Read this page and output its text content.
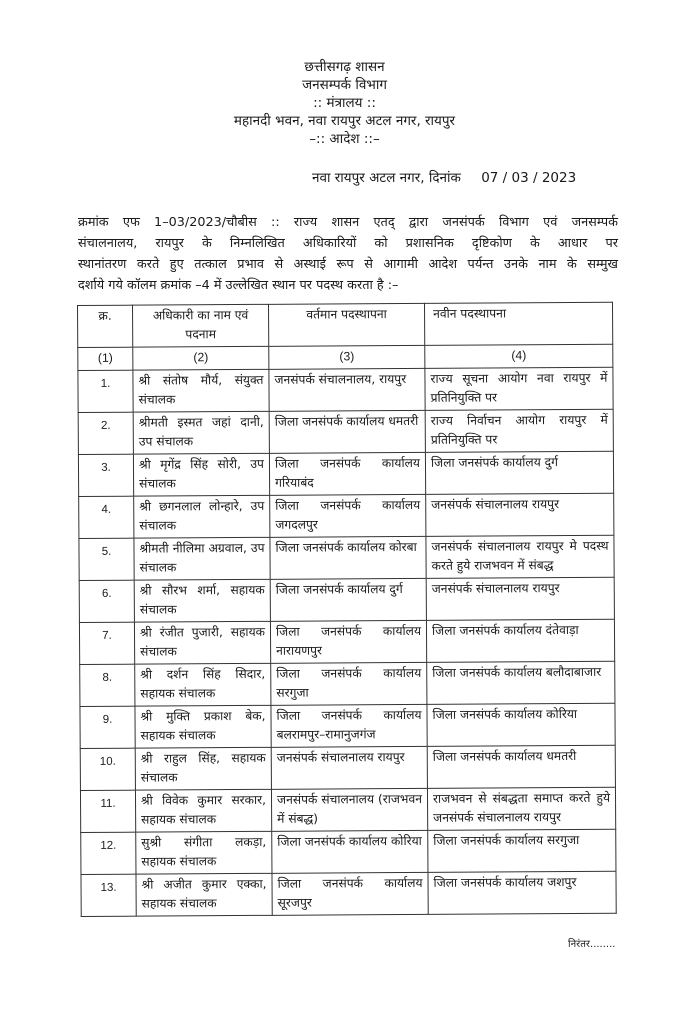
छत्तीसगढ़ शासन
जनसम्पर्क विभाग
:: मंत्रालय ::
महानदी भवन, नवा रायपुर अटल नगर, रायपुर
–:: आदेश ::–
नवा रायपुर अटल नगर, दिनांक 07 / 03 / 2023
क्रमांक एफ 1–03/2023/चौबीस :: राज्य शासन एतद् द्वारा जनसंपर्क विभाग एवं जनसम्पर्क
संचालनालय, रायपुर के निम्नलिखित अधिकारियों को प्रशासनिक दृष्टिकोण के आधार पर
स्थानांतरण करते हुए तत्काल प्रभाव से अस्थाई रूप से आगामी आदेश पर्यन्त उनके नाम के सम्मुख
दर्शाये गये कॉलम क्रमांक –4 में उल्लेखित स्थान पर पदस्थ करता है :–
क्र.	अधिकारी का नाम एवं पदनाम	वर्तमान पदस्थापना	नवीन पदस्थापना
(1)	(2)	(3)	(4)
1.	श्री संतोष मौर्य, संयुक्त संचालक	जनसंपर्क संचालनालय, रायपुर	राज्य सूचना आयोग नवा रायपुर में प्रतिनियुक्ति पर
2.	श्रीमती इस्मत जहां दानी, उप संचालक	जिला जनसंपर्क कार्यालय धमतरी	राज्य निर्वाचन आयोग रायपुर में प्रतिनियुक्ति पर
3.	श्री मृगेंद्र सिंह सोरी, उप संचालक	जिला जनसंपर्क कार्यालय गरियाबंद	जिला जनसंपर्क कार्यालय दुर्ग
4.	श्री छगनलाल लोन्हारे, उप संचालक	जिला जनसंपर्क कार्यालय जगदलपुर	जनसंपर्क संचालनालय रायपुर
5.	श्रीमती नीलिमा अग्रवाल, उप संचालक	जिला जनसंपर्क कार्यालय कोरबा	जनसंपर्क संचालनालय रायपुर मे पदस्थ करते हुये राजभवन में संबद्ध
6.	श्री सौरभ शर्मा, सहायक संचालक	जिला जनसंपर्क कार्यालय दुर्ग	जनसंपर्क संचालनालय रायपुर
7.	श्री रंजीत पुजारी, सहायक संचालक	जिला जनसंपर्क कार्यालय नारायणपुर	जिला जनसंपर्क कार्यालय दंतेवाड़ा
8.	श्री दर्शन सिंह सिदार, सहायक संचालक	जिला जनसंपर्क कार्यालय सरगुजा	जिला जनसंपर्क कार्यालय बलौदाबाजार
9.	श्री मुक्ति प्रकाश बेक, सहायक संचालक	जिला जनसंपर्क कार्यालय बलरामपुर–रामानुजगंज	जिला जनसंपर्क कार्यालय कोरिया
10.	श्री राहुल सिंह, सहायक संचालक	जनसंपर्क संचालनालय रायपुर	जिला जनसंपर्क कार्यालय धमतरी
11.	श्री विवेक कुमार सरकार, सहायक संचालक	जनसंपर्क संचालनालय (राजभवन में संबद्ध)	राजभवन से संबद्धता समाप्त करते हुये जनसंपर्क संचालनालय रायपुर
12.	सुश्री संगीता लकड़ा, सहायक संचालक	जिला जनसंपर्क कार्यालय कोरिया	जिला जनसंपर्क कार्यालय सरगुजा
13.	श्री अजीत कुमार एक्का, सहायक संचालक	जिला जनसंपर्क कार्यालय सूरजपुर	जिला जनसंपर्क कार्यालय जशपुर
निरंतर........
